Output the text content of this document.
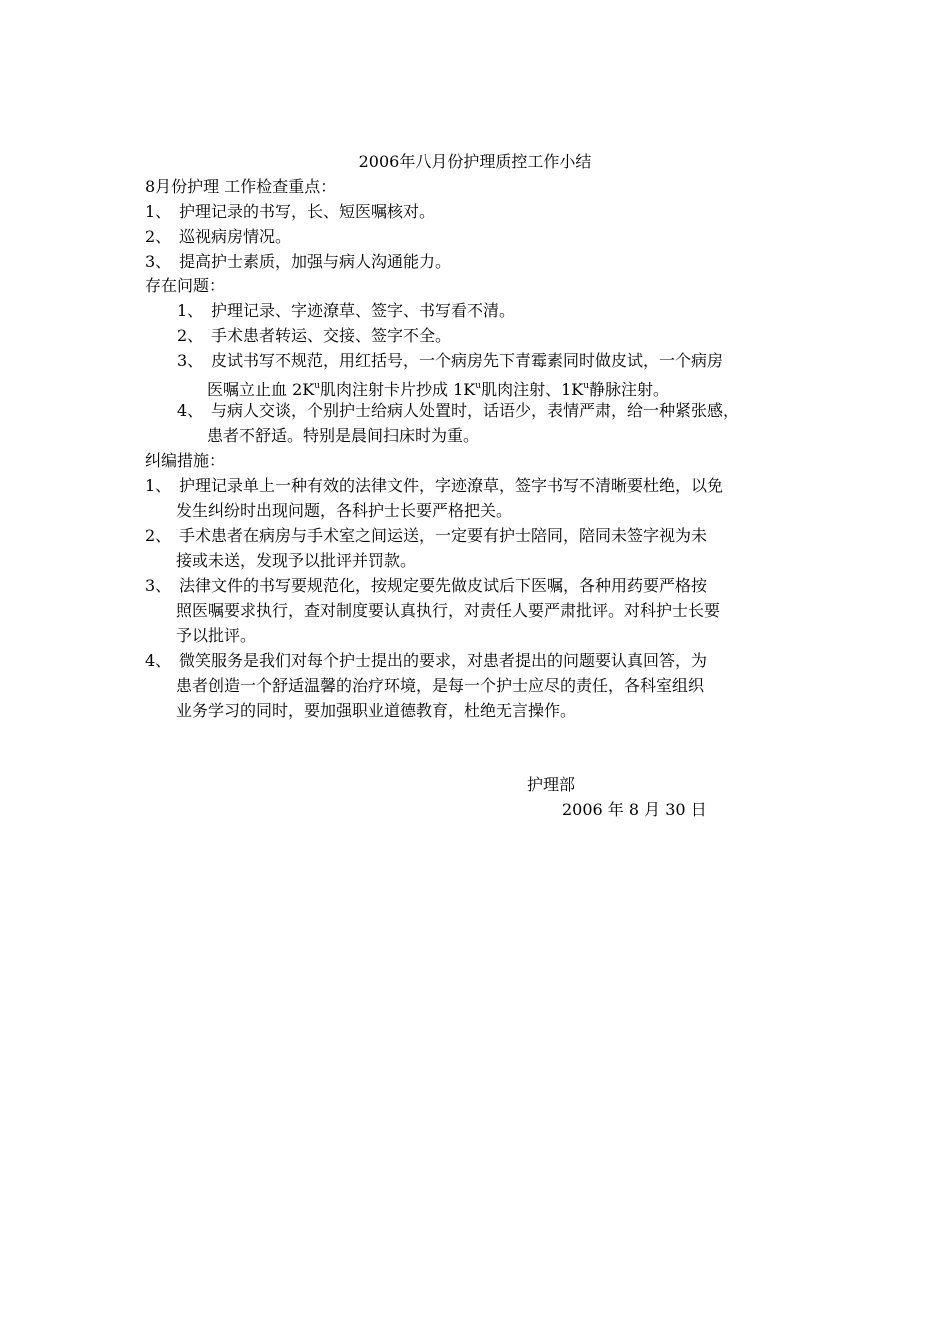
2006年八月份护理质控工作小结
8月份护理 工作检查重点：
1、 护理记录的书写，长、短医嘱核对。
2、 巡视病房情况。
3、 提高护士素质，加强与病人沟通能力。
存在问题：
1、 护理记录、字迹潦草、签字、书写看不清。
2、 手术患者转运、交接、签字不全。
3、 皮试书写不规范，用红括号，一个病房先下青霉素同时做皮试，一个病房
医嘱立止血 $2K^u$肌肉注射卡片抄成 $1K^u$肌肉注射、$1K^u$静脉注射。
4、 与病人交谈，个别护士给病人处置时，话语少，表情严肃，给一种紧张感，
患者不舒适。特别是晨间扫床时为重。
纠编措施：
1、 护理记录单上一种有效的法律文件，字迹潦草，签字书写不清晰要杜绝，以免
发生纠纷时出现问题，各科护士长要严格把关。
2、 手术患者在病房与手术室之间运送，一定要有护士陪同，陪同未签字视为未
接或未送，发现予以批评并罚款。
3、 法律文件的书写要规范化，按规定要先做皮试后下医嘱，各种用药要严格按
照医嘱要求执行，查对制度要认真执行，对责任人要严肃批评。对科护士长要
予以批评。
4、 微笑服务是我们对每个护士提出的要求，对患者提出的问题要认真回答，为
患者创造一个舒适温馨的治疗环境，是每一个护士应尽的责任，各科室组织
业务学习的同时，要加强职业道德教育，杜绝无言操作。
护理部
2006 年 8 月 30 日
